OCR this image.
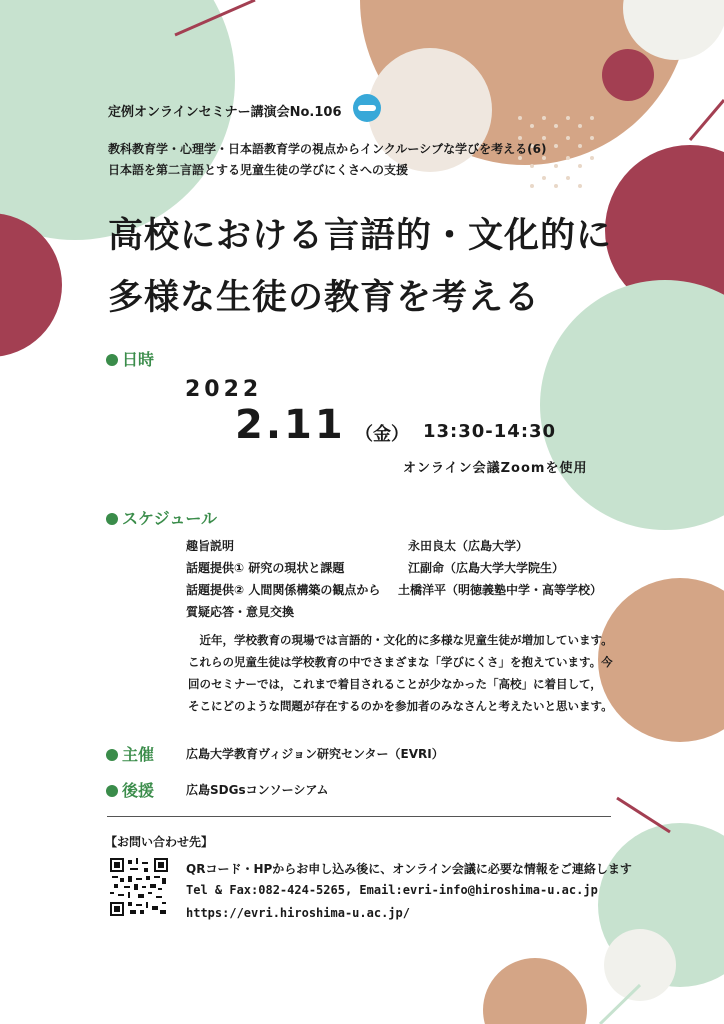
定例オンラインセミナー講演会No.106
教科教育学・心理学・日本語教育学の視点からインクルーシブな学びを考える(6)
日本語を第二言語とする児童生徒の学びにくさへの支援
高校における言語的・文化的に
多様な生徒の教育を考える
日時
2022
2.11 （金） 13:30-14:30
オンライン会議Zoomを使用
スケジュール
趣旨説明	永田良太（広島大学）
話題提供① 研究の現状と課題	江副命（広島大学大学院生）
話題提供② 人間関係構築の観点から 土橋洋平（明徳義塾中学・高等学校）
質疑応答・意見交換

近年，学校教育の現場では言語的・文化的に多様な児童生徒が増加しています。これらの児童生徒は学校教育の中でさまざまな「学びにくさ」を抱えています。今回のセミナーでは，これまで着目されることが少なかった「高校」に着目して，そこにどのような問題が存在するのかを参加者のみなさんと考えたいと思います。

主催	広島大学教育ヴィジョン研究センター（EVRI）
後援	広島SDGsコンソーシアム
【お問い合わせ先】
QRコード・HPからお申し込み後に、オンライン会議に必要な情報をご連絡します
Tel & Fax:082-424-5265, Email:evri-info@hiroshima-u.ac.jp
https://evri.hiroshima-u.ac.jp/
